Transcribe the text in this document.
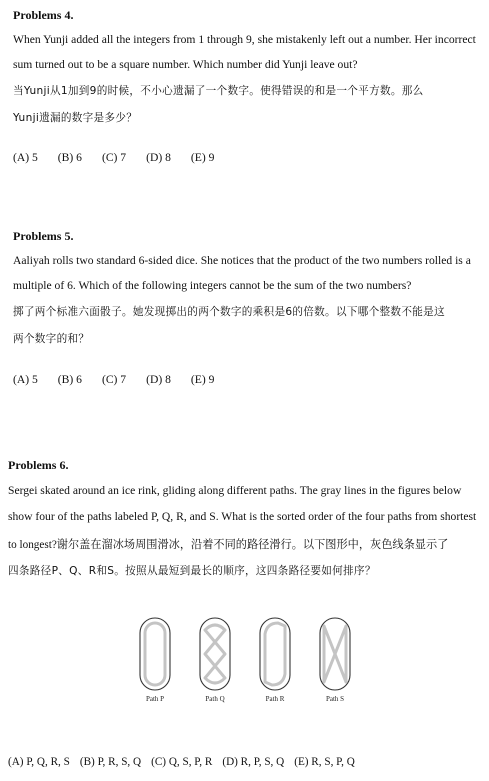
Problems 4.
When Yunji added all the integers from 1 through 9, she mistakenly left out a number. Her incorrect
sum turned out to be a square number. Which number did Yunji leave out?
当Yunji从1加到9的时候，不小心遗漏了一个数字。使得错误的和是一个平方数。那么
Yunji遗漏的数字是多少？
(A) 5 (B) 6 (C) 7 (D) 8 (E) 9
Problems 5.
Aaliyah rolls two standard 6-sided dice. She notices that the product of the two numbers rolled is a
multiple of 6. Which of the following integers cannot be the sum of the two numbers?
掷了两个标准六面骰子。她发现掷出的两个数字的乘积是6的倍数。以下哪个整数不能是这
两个数字的和？
(A) 5 (B) 6 (C) 7 (D) 8 (E) 9
Problems 6.
Sergei skated around an ice rink, gliding along different paths. The gray lines in the figures below
show four of the paths labeled P, Q, R, and S. What is the sorted order of the four paths from shortest
to longest?谢尔盖在溜冰场周围滑冰，沿着不同的路径滑行。以下图形中，灰色线条显示了
四条路径P、Q、R和S。按照从最短到最长的顺序，这四条路径要如何排序？
Path P	Path Q	Path R	Path S
(A) P, Q, R, S (B) P, R, S, Q (C) Q, S, P, R (D) R, P, S, Q (E) R, S, P, Q
